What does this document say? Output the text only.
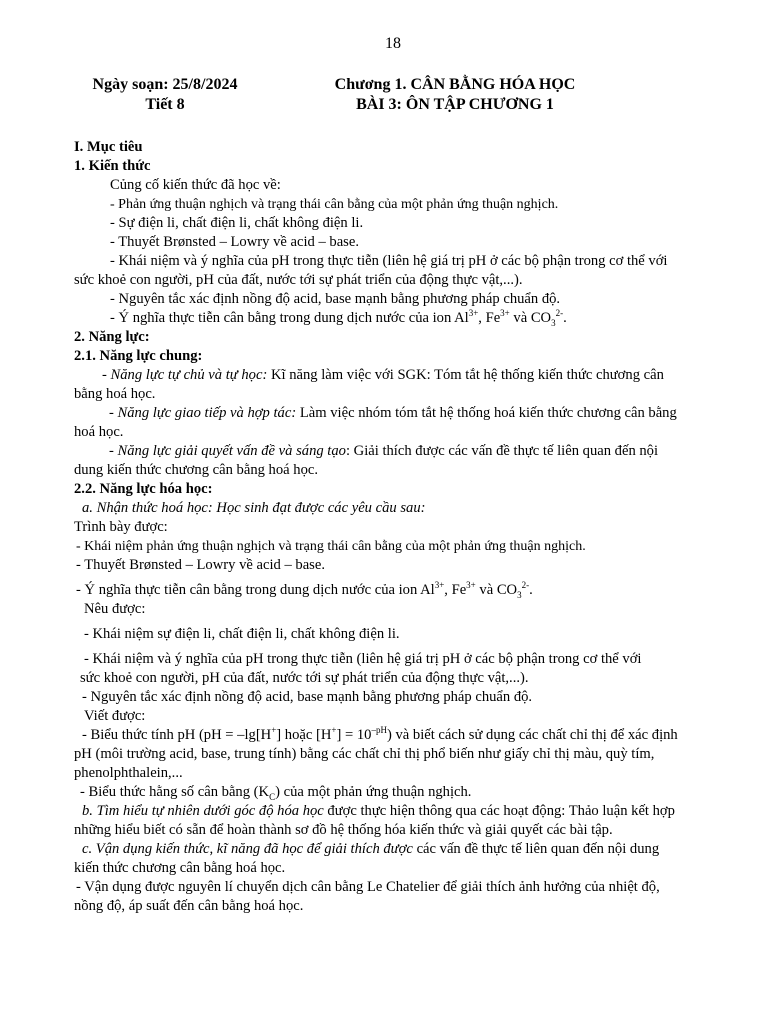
18
Ngày soạn: 25/8/2024
Tiết 8
Chương 1. CÂN BẰNG HÓA HỌC
BÀI 3: ÔN TẬP CHƯƠNG 1

I. Mục tiêu

1. Kiến thức

Củng cố kiến thức đã học về:

- Phản ứng thuận nghịch và trạng thái cân bằng của một phản ứng thuận nghịch.

- Sự điện li, chất điện li, chất không điện li.

- Thuyết Brønsted – Lowry về acid – base.

- Khái niệm và ý nghĩa của pH trong thực tiễn (liên hệ giá trị pH ở các bộ phận trong cơ thể với

sức khoẻ con người, pH của đất, nước tới sự phát triển của động thực vật,...).

- Nguyên tắc xác định nồng độ acid, base mạnh bằng phương pháp chuẩn độ.

- Ý nghĩa thực tiễn cân bằng trong dung dịch nước của ion $Al^{3+}$, $Fe^{3+}$ và $CO_3^{2-}$.

2. Năng lực:

2.1. Năng lực chung:

- Năng lực tự chủ và tự học: Kĩ năng làm việc với SGK: Tóm tắt hệ thống kiến thức chương cân

bằng hoá học.

- Năng lực giao tiếp và hợp tác: Làm việc nhóm tóm tắt hệ thống hoá kiến thức chương cân bằng

hoá học.

- Năng lực giải quyết vấn đề và sáng tạo: Giải thích được các vấn đề thực tế liên quan đến nội

dung kiến thức chương cân bằng hoá học.

2.2. Năng lực hóa học:

a. Nhận thức hoá học: Học sinh đạt được các yêu cầu sau:

Trình bày được:

- Khái niệm phản ứng thuận nghịch và trạng thái cân bằng của một phản ứng thuận nghịch.

- Thuyết Brønsted – Lowry về acid – base.

- Ý nghĩa thực tiễn cân bằng trong dung dịch nước của ion $Al^{3+}$, $Fe^{3+}$ và $CO_3^{2-}$.

Nêu được:

- Khái niệm sự điện li, chất điện li, chất không điện li.

- Khái niệm và ý nghĩa của pH trong thực tiễn (liên hệ giá trị pH ở các bộ phận trong cơ thể với

sức khoẻ con người, pH của đất, nước tới sự phát triển của động thực vật,...).

- Nguyên tắc xác định nồng độ acid, base mạnh bằng phương pháp chuẩn độ.

Viết được:

- Biểu thức tính pH (pH = –lg[H+] hoặc $[H^+] = 10^{-pH}$) và biết cách sử dụng các chất chỉ thị để xác định

pH (môi trường acid, base, trung tính) bằng các chất chỉ thị phổ biến như giấy chỉ thị màu, quỳ tím,

phenolphthalein,...

- Biểu thức hằng số cân bằng $(K_C)$ của một phản ứng thuận nghịch.

b. Tìm hiểu tự nhiên dưới góc độ hóa học được thực hiện thông qua các hoạt động: Thảo luận kết hợp

những hiểu biết có sẵn để hoàn thành sơ đồ hệ thống hóa kiến thức và giải quyết các bài tập.

c. Vận dụng kiến thức, kĩ năng đã học để giải thích được các vấn đề thực tế liên quan đến nội dung

kiến thức chương cân bằng hoá học.

- Vận dụng được nguyên lí chuyển dịch cân bằng Le Chatelier để giải thích ảnh hưởng của nhiệt độ,

nồng độ, áp suất đến cân bằng hoá học.
